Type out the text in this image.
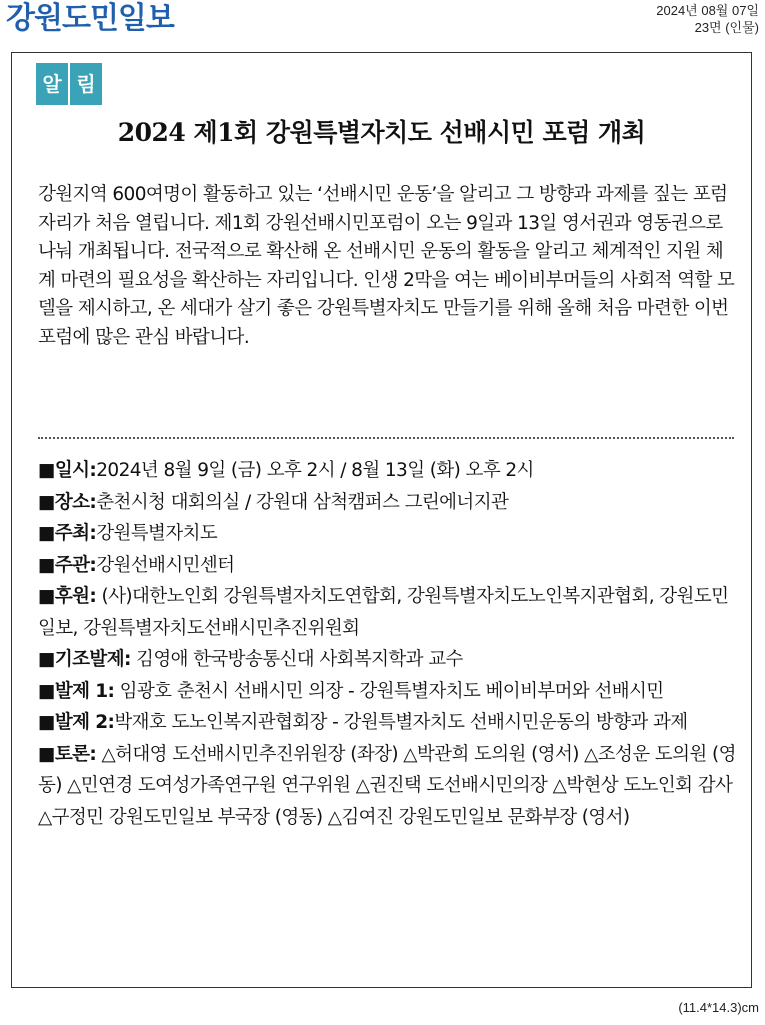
강원도민일보	2024년 08월 07일
23면 (인물)
알 림
2024 제1회 강원특별자치도 선배시민 포럼 개최

강원지역 600여명이 활동하고 있는 ‘선배시민 운동’을 알리고 그 방향과 과제를 짚는 포럼 자리가 처음 열립니다. 제1회 강원선배시민포럼이 오는 9일과 13일 영서권과 영동권으로 나눠 개최됩니다. 전국적으로 확산해 온 선배시민 운동의 활동을 알리고 체계적인 지원 체계 마련의 필요성을 확산하는 자리입니다. 인생 2막을 여는 베이비부머들의 사회적 역할 모델을 제시하고, 온 세대가 살기 좋은 강원특별자치도 만들기를 위해 올해 처음 마련한 이번 포럼에 많은 관심 바랍니다.

■일시:2024년 8월 9일 (금) 오후 2시 / 8월 13일 (화) 오후 2시

■장소:춘천시청 대회의실 / 강원대 삼척캠퍼스 그린에너지관

■주최:강원특별자치도

■주관:강원선배시민센터

■후원: (사)대한노인회 강원특별자치도연합회, 강원특별자치도노인복지관협회, 강원도민일보, 강원특별자치도선배시민추진위원회

■기조발제: 김영애 한국방송통신대 사회복지학과 교수

■발제 1: 임광호 춘천시 선배시민 의장 - 강원특별자치도 베이비부머와 선배시민

■발제 2:박재호 도노인복지관협회장 - 강원특별자치도 선배시민운동의 방향과 과제

■토론: △허대영 도선배시민추진위원장 (좌장) △박관희 도의원 (영서) △조성운 도의원 (영동) △민연경 도여성가족연구원 연구위원 △권진택 도선배시민의장 △박현상 도노인회 감사 △구정민 강원도민일보 부국장 (영동) △김여진 강원도민일보 문화부장 (영서)

(11.4*14.3)cm
